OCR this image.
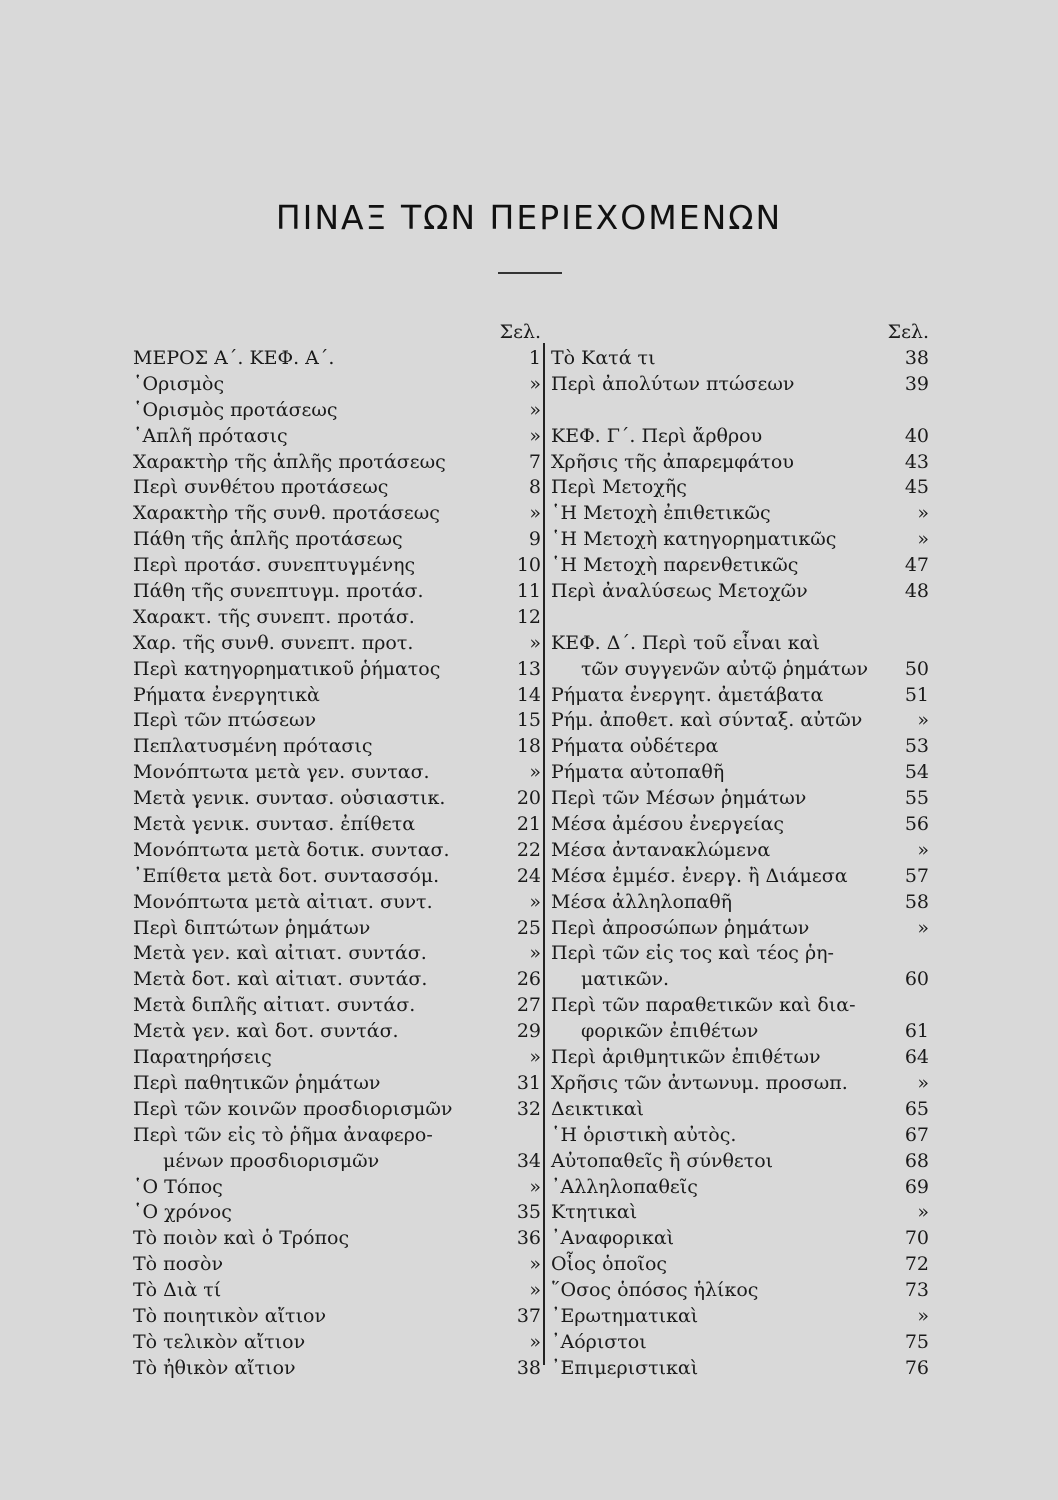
ΠΙΝΑΞ ΤΩΝ ΠΕΡΙΕΧΟΜΕΝΩΝ
Σελ.
ΜΕΡΟΣ Α΄. ΚΕΦ. Α΄.	1
῾Ορισμὸς	»
῾Ορισμὸς προτάσεως	»
῾Απλῆ πρότασις	»
Χαρακτὴρ τῆς ἁπλῆς προτάσεως	7
Περὶ συνθέτου προτάσεως	8
Χαρακτὴρ τῆς συνθ. προτάσεως	»
Πάθη τῆς ἁπλῆς προτάσεως	9
Περὶ προτάσ. συνεπτυγμένης	10
Πάθη τῆς συνεπτυγμ. προτάσ.	11
Χαρακτ. τῆς συνεπτ. προτάσ.	12
Χαρ. τῆς συνθ. συνεπτ. προτ.	»
Περὶ κατηγορηματικοῦ ῥήματος	13
Ρήματα ἐνεργητικὰ	14
Περὶ τῶν πτώσεων	15
Πεπλατυσμένη πρότασις	18
Μονόπτωτα μετὰ γεν. συντασ.	»
Μετὰ γενικ. συντασ. οὐσιαστικ.	20
Μετὰ γενικ. συντασ. ἐπίθετα	21
Μονόπτωτα μετὰ δοτικ. συντασ.	22
᾿Επίθετα μετὰ δοτ. συντασσόμ.	24
Μονόπτωτα μετὰ αἰτιατ. συντ.	»
Περὶ διπτώτων ῥημάτων	25
Μετὰ γεν. καὶ αἰτιατ. συντάσ.	»
Μετὰ δοτ. καὶ αἰτιατ. συντάσ.	26
Μετὰ διπλῆς αἰτιατ. συντάσ.	27
Μετὰ γεν. καὶ δοτ. συντάσ.	29
Παρατηρήσεις	»
Περὶ παθητικῶν ῥημάτων	31
Περὶ τῶν κοινῶν προσδιορισμῶν	32
Περὶ τῶν εἰς τὸ ῥῆμα ἀναφερο-
μένων προσδιορισμῶν	34
῾Ο Τόπος	»
῾Ο χρόνος	35
Τὸ ποιὸν καὶ ὁ Τρόπος	36
Τὸ ποσὸν	»
Τὸ Διὰ τί	»
Τὸ ποιητικὸν αἴτιον	37
Τὸ τελικὸν αἴτιον	»
Τὸ ἠθικὸν αἴτιον	38
Σελ.
Τὸ Κατά τι	38
Περὶ ἀπολύτων πτώσεων	39
ΚΕΦ. Γ΄. Περὶ ἄρθρου	40
Χρῆσις τῆς ἀπαρεμφάτου	43
Περὶ Μετοχῆς	45
῾Η Μετοχὴ ἐπιθετικῶς	»
῾Η Μετοχὴ κατηγορηματικῶς	»
῾Η Μετοχὴ παρενθετικῶς	47
Περὶ ἀναλύσεως Μετοχῶν	48
ΚΕΦ. Δ΄. Περὶ τοῦ εἶναι καὶ
τῶν συγγενῶν αὐτῷ ῥημάτων 50
Ρήματα ἐνεργητ. ἀμετάβατα	51
Ρήμ. ἀποθετ. καὶ σύνταξ. αὐτῶν	»
Ρήματα οὐδέτερα	53
Ρήματα αὐτοπαθῆ	54
Περὶ τῶν Μέσων ῥημάτων	55
Μέσα ἀμέσου ἐνεργείας	56
Μέσα ἀντανακλώμενα	»
Μέσα ἐμμέσ. ἐνεργ. ἢ Διάμεσα	57
Μέσα ἀλληλοπαθῆ	58
Περὶ ἀπροσώπων ῥημάτων	»
Περὶ τῶν εἰς τος καὶ τέος ῥη-
ματικῶν.	60
Περὶ τῶν παραθετικῶν καὶ δια-
φορικῶν ἐπιθέτων	61
Περὶ ἀριθμητικῶν ἐπιθέτων	64
Χρῆσις τῶν ἀντωνυμ. προσωπ.	»
Δεικτικαὶ	65
῾Η ὁριστικὴ αὐτὸς.	67
Αὐτοπαθεῖς ἢ σύνθετοι	68
᾿Αλληλοπαθεῖς	69
Κτητικαὶ	»
᾿Αναφορικαὶ	70
Οἷος ὁποῖος	72
῞Οσος ὁπόσος ἡλίκος	73
᾿Ερωτηματικαὶ	»
᾿Αόριστοι	75
᾿Επιμεριστικαὶ	76
